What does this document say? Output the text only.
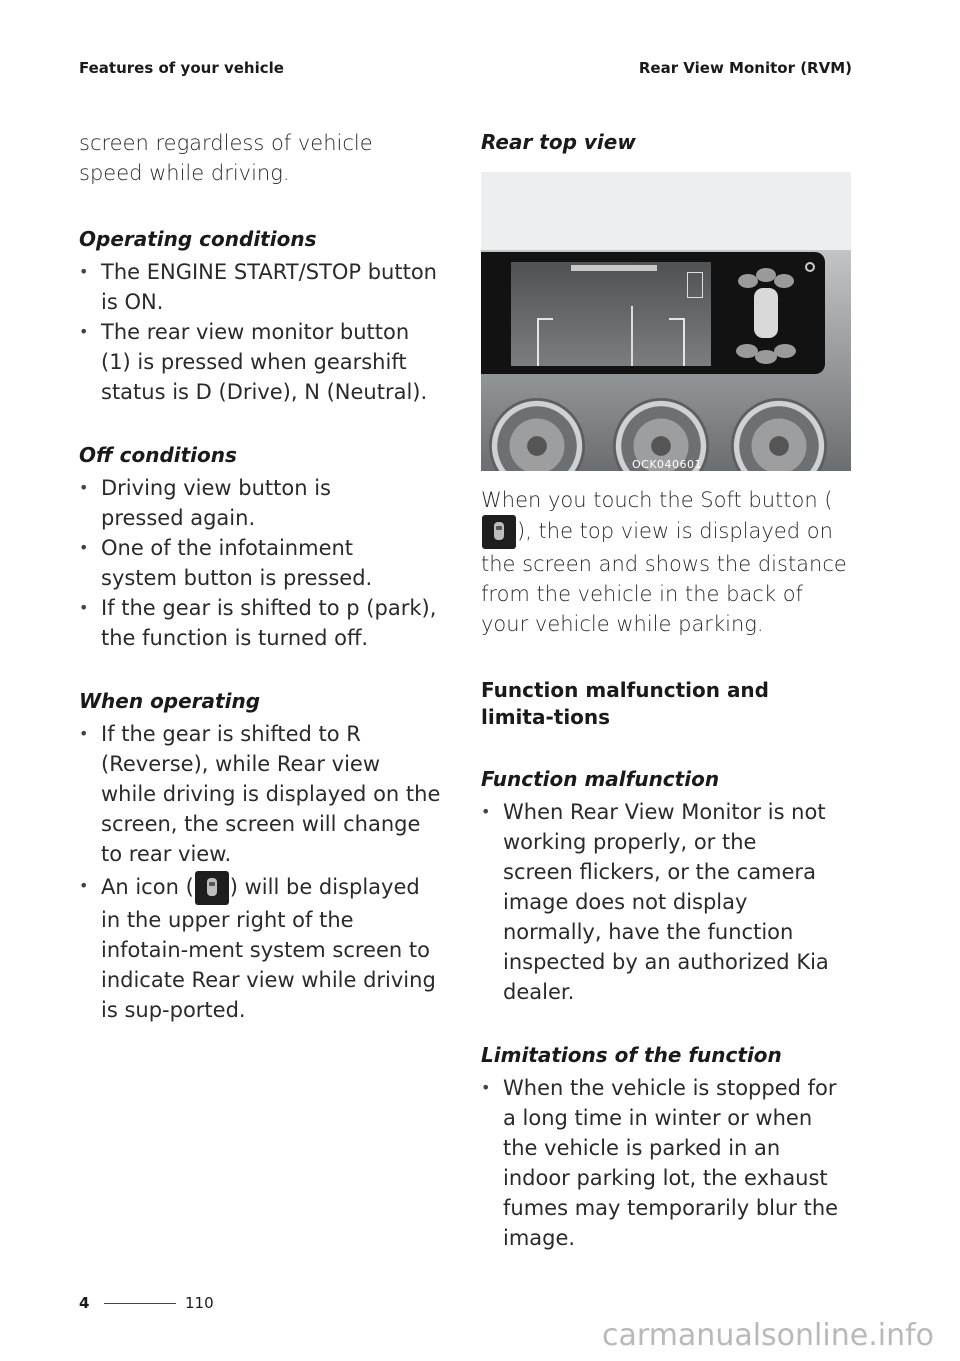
Features of your vehicle	Rear View Monitor (RVM)

screen regardless of vehicle speed while driving.

Operating conditions
• The ENGINE START/STOP button is ON.
• The rear view monitor button (1) is pressed when gearshift status is D (Drive), N (Neutral).
Off conditions
• Driving view button is pressed again.
• One of the infotainment system button is pressed.
• If the gear is shifted to p (park), the function is turned off.
When operating
• If the gear is shifted to R (Reverse), while Rear view while driving is displayed on the screen, the screen will change to rear view.
• An icon ( ) will be displayed in the upper right of the infotain-ment system screen to indicate Rear view while driving is sup-ported.
Rear top view
OCK040601

When you touch the Soft button (
), the top view is displayed on the screen and shows the distance from the vehicle in the back of your vehicle while parking.

Function malfunction and limita-tions
Function malfunction
• When Rear View Monitor is not working properly, or the screen flickers, or the camera image does not display normally, have the function inspected by an authorized Kia dealer.
Limitations of the function
• When the vehicle is stopped for a long time in winter or when the vehicle is parked in an indoor parking lot, the exhaust fumes may temporarily blur the image.
4	110
carmanualsonline.info
